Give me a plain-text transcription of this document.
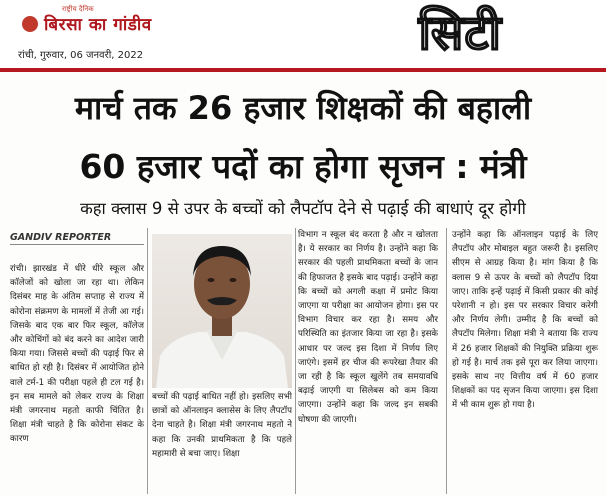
राष्ट्रीय दैनिक
बिरसा का गांडीव
रांची, गुरुवार, 06 जनवरी, 2022	सिटी
मार्च तक 26 हजार शिक्षकों की बहाली
60 हजार पदों का होगा सृजन : मंत्री
कहा क्लास 9 से उपर के बच्चों को लैपटॉप देने से पढ़ाई की बाधाएं दूर होगी
GANDIV REPORTER
रांची। झारखंड में धीरे धीरे स्कूल और कॉलेजों को खोला जा रहा था। लेकिन दिसंबर माह के अंतिम सप्ताह से राज्य में कोरोना संक्रमण के मामलों में तेजी आ गई। जिसके बाद एक बार फिर स्कूल, कॉलेज और कोचिंगों को बंद करने का आदेश जारी किया गया। जिससे बच्चों की पढ़ाई फिर से बाधित हो रही है। दिसंबर में आयोजित होने वाले टर्म-1 की परीक्षा पहले ही टल गई है। इन सब मामले को लेकर राज्य के शिक्षा मंत्री जगरनाथ महतो काफी चिंतित है। शिक्षा मंत्री चाहते है कि कोरोना संकट के कारण
बच्चों की पढ़ाई बाधित नहीं हो। इसलिए सभी छात्रों को ऑनलाइन क्लासेस के लिए लैपटॉप देना चाहते है। शिक्षा मंत्री जगरनाथ महतो ने कहा कि उनकी प्राथमिकता है कि पहले महामारी से बचा जाए। शिक्षा
विभाग न स्कूल बंद करता है और न खोलता है। ये सरकार का निर्णय है। उन्होंने कहा कि सरकार की पहली प्राथमिकता बच्चों के जान की हिफाजत है इसके बाद पढ़ाई। उन्होंने कहा कि बच्चों को अगली कक्षा में प्रमोट किया जाएगा या परीक्षा का आयोजन होगा। इस पर विभाग विचार कर रहा है। समय और परिस्थिति का इंतजार किया जा रहा है। इसके आधार पर जल्द इस दिशा में निर्णय लिए जाएंगे। इसमें हर चीज की रूपरेखा तैयार की जा रही है कि स्कूल खुलेंगे तब समयावधि बढ़ाई जाएगी या सिलेबस को कम किया जाएगा। उन्होंने कहा कि जल्द इन सबकी घोषणा की जाएगी।
उन्होंने कहा कि ऑनलाइन पढ़ाई के लिए लैपटॉप और मोबाइल बहुत जरूरी है। इसलिए सीएम से आग्रह किया है। मांग किया है कि क्लास 9 से ऊपर के बच्चों को लैपटॉप दिया जाए। ताकि इन्हें पढ़ाई में किसी प्रकार की कोई परेशानी न हो। इस पर सरकार विचार करेगी और निर्णय लेगी। उम्मीद है कि बच्चों को लैपटॉप मिलेगा। शिक्षा मंत्री ने बताया कि राज्य में 26 हजार शिक्षकों की नियुक्ति प्रक्रिया शुरू हो गई है। मार्च तक इसे पूरा कर लिया जाएगा। इसके साथ नए वित्तीय वर्ष में 60 हजार शिक्षकों का पद सृजन किया जाएगा। इस दिशा में भी काम शुरू हो गया है।
